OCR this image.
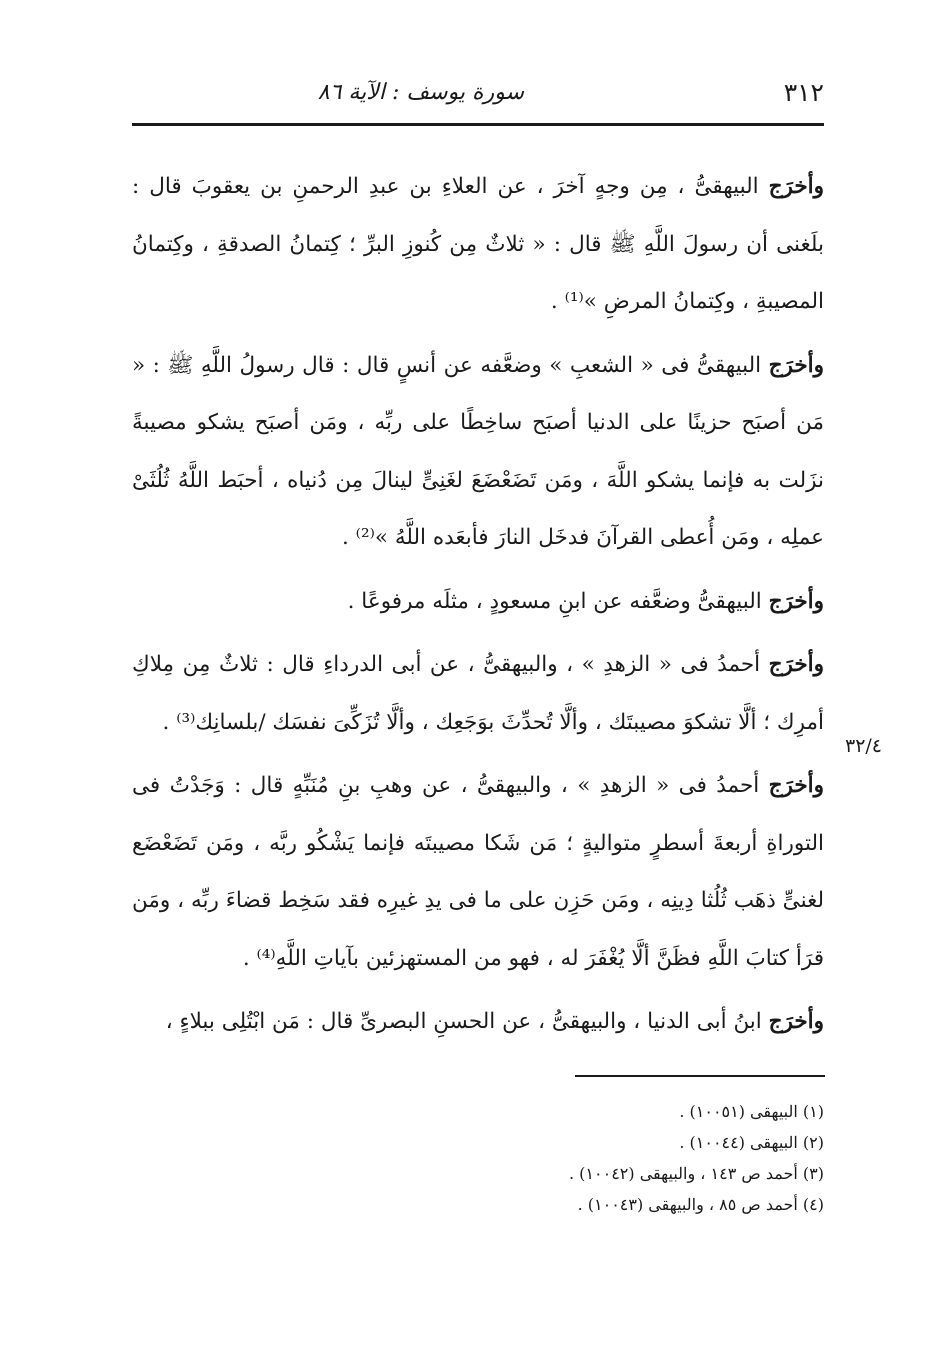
٣١٢
سورة يوسف : الآية ٨٦

وأخرَج البيهقىُّ ، مِن وجهٍ آخرَ ، عن العلاءِ بن عبدِ الرحمنِ بن يعقوبَ قال : بلَغنى أن رسولَ اللَّهِ ﷺ قال : « ثلاثٌ مِن كُنوزِ البرِّ ؛ كِتمانُ الصدقةِ ، وكِتمانُ المصيبةِ ، وكِتمانُ المرضِ »⁽¹⁾ .

وأخرَج البيهقىُّ فى « الشعبِ » وضعَّفه عن أنسٍ قال : قال رسولُ اللَّهِ ﷺ : « مَن أصبَح حزينًا على الدنيا أصبَح ساخِطًا على ربِّه ، ومَن أصبَح يشكو مصيبةً نزَلت به فإنما يشكو اللَّهَ ، ومَن تَضَعْضَعَ لغَنِىٍّ لينالَ مِن دُنياه ، أحبَط اللَّهُ ثُلُثَىْ عملِه ، ومَن أُعطى القرآنَ فدخَل النارَ فأبعَده اللَّهُ »⁽²⁾ .

وأخرَج البيهقىُّ وضعَّفه عن ابنِ مسعودٍ ، مثلَه مرفوعًا .

وأخرَج أحمدُ فى « الزهدِ » ، والبيهقىُّ ، عن أبى الدرداءِ قال : ثلاثٌ مِن مِلاكِ أمرِك ؛ ألَّا تشكوَ مصيبتَك ، وألَّا تُحدِّثَ بوَجَعِك ، وألَّا تُزَكِّىَ نفسَك /بلسانِك⁽³⁾ .

وأخرَج أحمدُ فى « الزهدِ » ، والبيهقىُّ ، عن وهبِ بنِ مُنَبِّهٍ قال : وَجَدْتُ فى التوراةِ أربعةَ أسطرٍ متواليةٍ ؛ مَن شَكا مصيبتَه فإنما يَشْكُو ربَّه ، ومَن تَضَعْضَع لغنىٍّ ذهَب ثُلُثا دِينِه ، ومَن حَزِن على ما فى يدِ غيرِه فقد سَخِط قضاءَ ربِّه ، ومَن قرَأ كتابَ اللَّهِ فظَنَّ ألَّا يُغْفَرَ له ، فهو من المستهزئين بآياتِ اللَّهِ⁽⁴⁾ .

وأخرَج ابنُ أبى الدنيا ، والبيهقىُّ ، عن الحسنِ البصرىِّ قال : مَن ابْتُلِى ببلاءٍ ،

٣٢/٤
(١) البيهقى (١٠٠٥١) .
(٢) البيهقى (١٠٠٤٤) .
(٣) أحمد ص ١٤٣ ، والبيهقى (١٠٠٤٢) .
(٤) أحمد ص ٨٥ ، والبيهقى (١٠٠٤٣) .
